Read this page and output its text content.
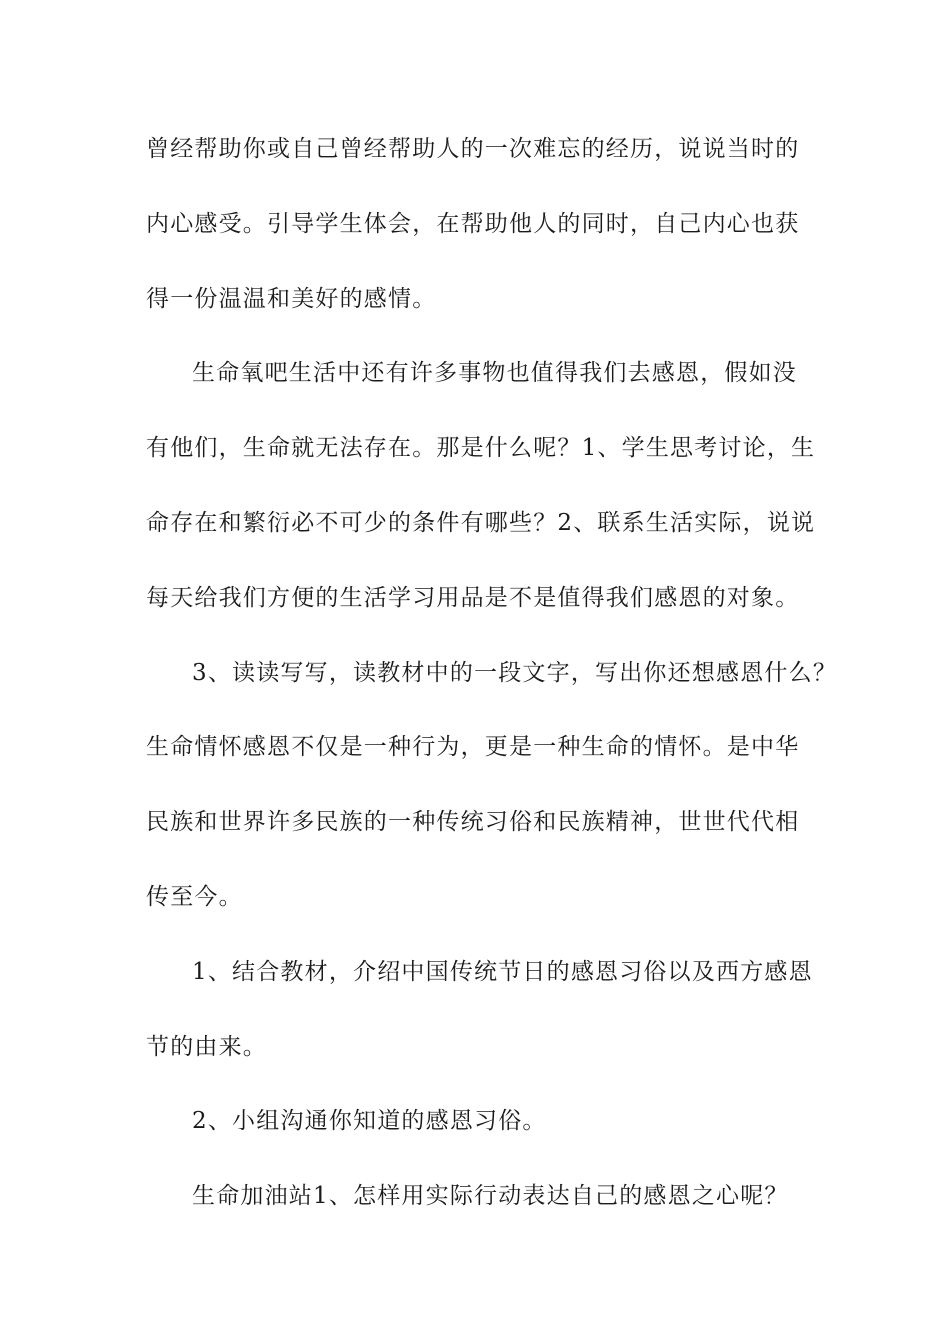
曾经帮助你或自己曾经帮助人的一次难忘的经历，说说当时的
内心感受。引导学生体会，在帮助他人的同时，自己内心也获
得一份温温和美好的感情。
生命氧吧生活中还有许多事物也值得我们去感恩，假如没
有他们，生命就无法存在。那是什么呢？1、学生思考讨论，生
命存在和繁衍必不可少的条件有哪些？2、联系生活实际，说说
每天给我们方便的生活学习用品是不是值得我们感恩的对象。
3、读读写写，读教材中的一段文字，写出你还想感恩什么？
生命情怀感恩不仅是一种行为，更是一种生命的情怀。是中华
民族和世界许多民族的一种传统习俗和民族精神，世世代代相
传至今。
1、结合教材，介绍中国传统节日的感恩习俗以及西方感恩
节的由来。
2、小组沟通你知道的感恩习俗。
生命加油站1、怎样用实际行动表达自己的感恩之心呢？
